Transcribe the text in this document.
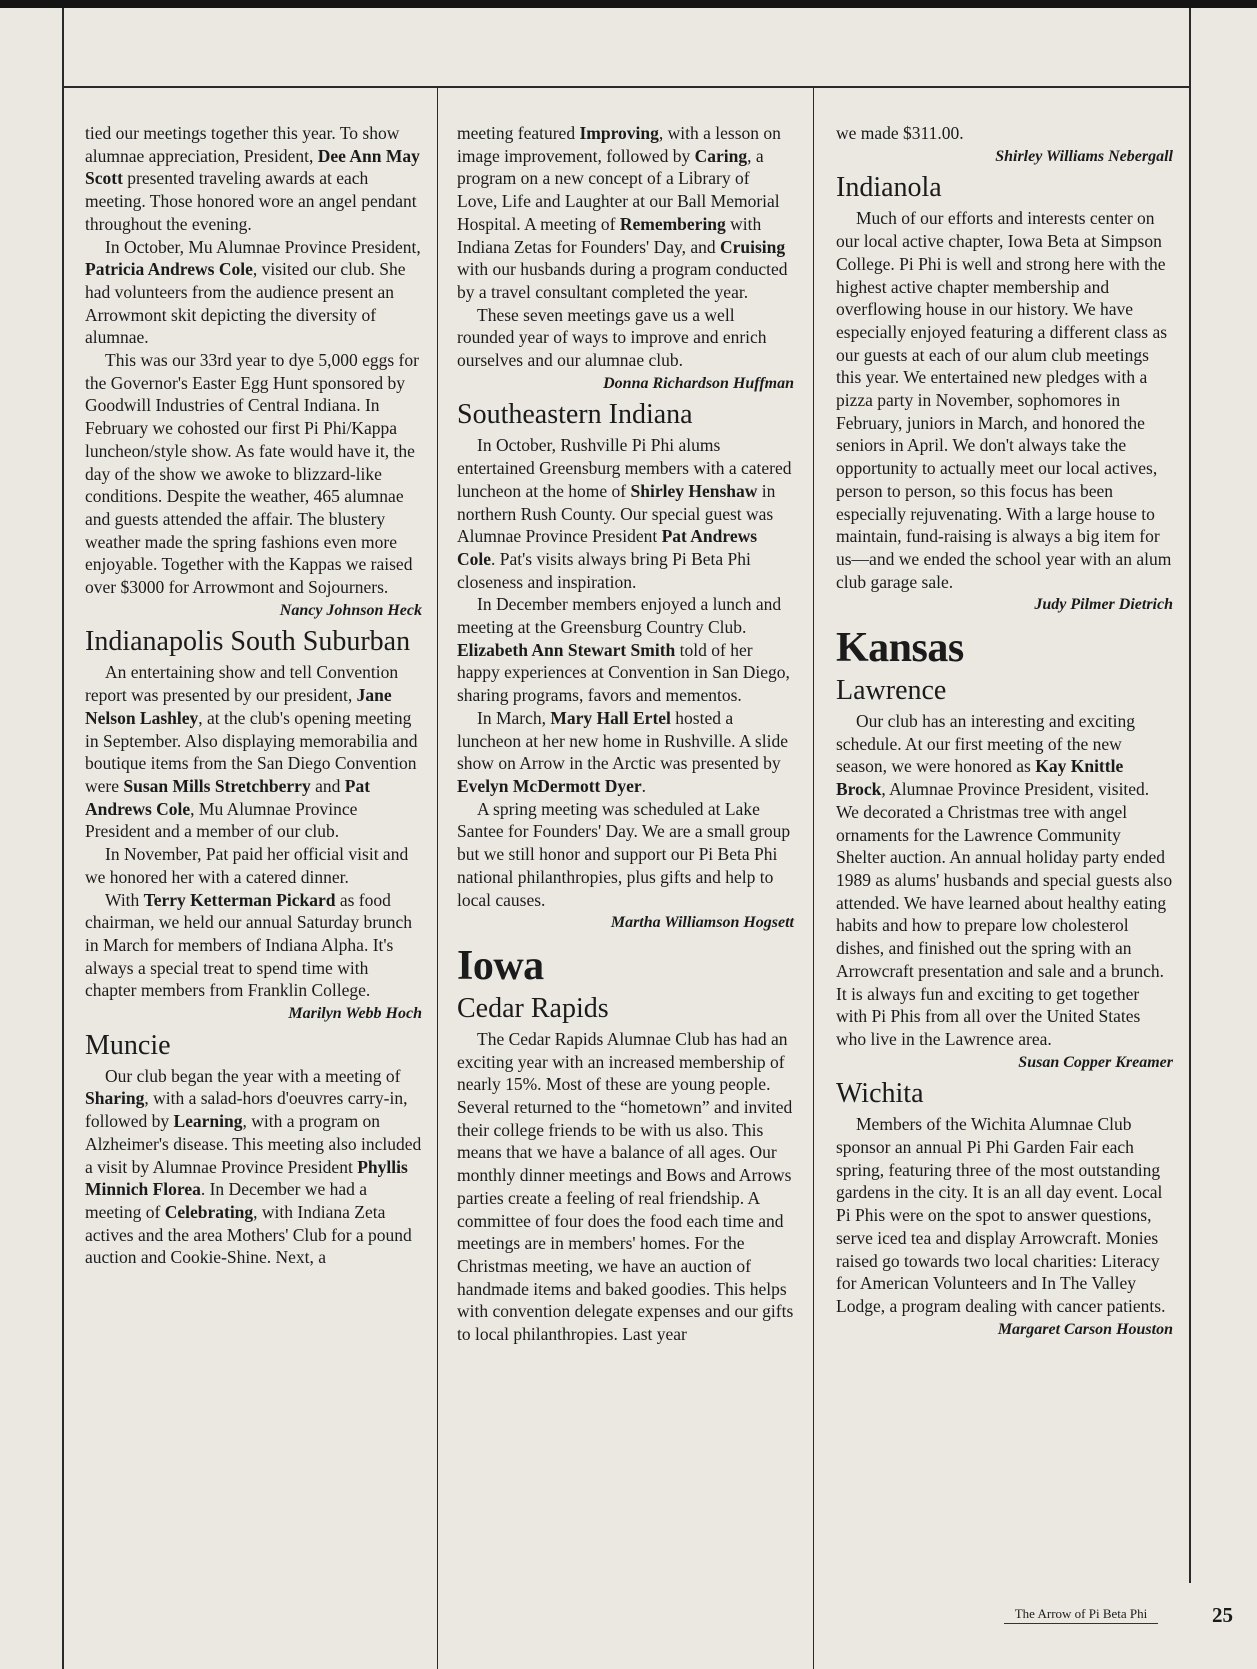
tied our meetings together this year. To show alumnae appreciation, President, Dee Ann May Scott presented traveling awards at each meeting. Those honored wore an angel pendant throughout the evening.

In October, Mu Alumnae Province President, Patricia Andrews Cole, visited our club. She had volunteers from the audience present an Arrowmont skit depicting the diversity of alumnae.

This was our 33rd year to dye 5,000 eggs for the Governor's Easter Egg Hunt sponsored by Goodwill Industries of Central Indiana. In February we cohosted our first Pi Phi/Kappa luncheon/style show. As fate would have it, the day of the show we awoke to blizzard-like conditions. Despite the weather, 465 alumnae and guests attended the affair. The blustery weather made the spring fashions even more enjoyable. Together with the Kappas we raised over $3000 for Arrowmont and Sojourners.

Nancy Johnson Heck
Indianapolis South Suburban

An entertaining show and tell Convention report was presented by our president, Jane Nelson Lashley, at the club's opening meeting in September. Also displaying memorabilia and boutique items from the San Diego Convention were Susan Mills Stretchberry and Pat Andrews Cole, Mu Alumnae Province President and a member of our club.

In November, Pat paid her official visit and we honored her with a catered dinner.

With Terry Ketterman Pickard as food chairman, we held our annual Saturday brunch in March for members of Indiana Alpha. It's always a special treat to spend time with chapter members from Franklin College.

Marilyn Webb Hoch
Muncie

Our club began the year with a meeting of Sharing, with a salad-hors d'oeuvres carry-in, followed by Learning, with a program on Alzheimer's disease. This meeting also included a visit by Alumnae Province President Phyllis Minnich Florea. In December we had a meeting of Celebrating, with Indiana Zeta actives and the area Mothers' Club for a pound auction and Cookie-Shine. Next, a

meeting featured Improving, with a lesson on image improvement, followed by Caring, a program on a new concept of a Library of Love, Life and Laughter at our Ball Memorial Hospital. A meeting of Remembering with Indiana Zetas for Founders' Day, and Cruising with our husbands during a program conducted by a travel consultant completed the year.

These seven meetings gave us a well rounded year of ways to improve and enrich ourselves and our alumnae club.

Donna Richardson Huffman
Southeastern Indiana

In October, Rushville Pi Phi alums entertained Greensburg members with a catered luncheon at the home of Shirley Henshaw in northern Rush County. Our special guest was Alumnae Province President Pat Andrews Cole. Pat's visits always bring Pi Beta Phi closeness and inspiration.

In December members enjoyed a lunch and meeting at the Greensburg Country Club. Elizabeth Ann Stewart Smith told of her happy experiences at Convention in San Diego, sharing programs, favors and mementos.

In March, Mary Hall Ertel hosted a luncheon at her new home in Rushville. A slide show on Arrow in the Arctic was presented by Evelyn McDermott Dyer.

A spring meeting was scheduled at Lake Santee for Founders' Day. We are a small group but we still honor and support our Pi Beta Phi national philanthropies, plus gifts and help to local causes.

Martha Williamson Hogsett
Iowa
Cedar Rapids

The Cedar Rapids Alumnae Club has had an exciting year with an increased membership of nearly 15%. Most of these are young people. Several returned to the “hometown” and invited their college friends to be with us also. This means that we have a balance of all ages. Our monthly dinner meetings and Bows and Arrows parties create a feeling of real friendship. A committee of four does the food each time and meetings are in members' homes. For the Christmas meeting, we have an auction of handmade items and baked goodies. This helps with convention delegate expenses and our gifts to local philanthropies. Last year

we made $311.00.

Shirley Williams Nebergall
Indianola

Much of our efforts and interests center on our local active chapter, Iowa Beta at Simpson College. Pi Phi is well and strong here with the highest active chapter membership and overflowing house in our history. We have especially enjoyed featuring a different class as our guests at each of our alum club meetings this year. We entertained new pledges with a pizza party in November, sophomores in February, juniors in March, and honored the seniors in April. We don't always take the opportunity to actually meet our local actives, person to person, so this focus has been especially rejuvenating. With a large house to maintain, fund-raising is always a big item for us—and we ended the school year with an alum club garage sale.

Judy Pilmer Dietrich
Kansas
Lawrence

Our club has an interesting and exciting schedule. At our first meeting of the new season, we were honored as Kay Knittle Brock, Alumnae Province President, visited. We decorated a Christmas tree with angel ornaments for the Lawrence Community Shelter auction. An annual holiday party ended 1989 as alums' husbands and special guests also attended. We have learned about healthy eating habits and how to prepare low cholesterol dishes, and finished out the spring with an Arrowcraft presentation and sale and a brunch. It is always fun and exciting to get together with Pi Phis from all over the United States who live in the Lawrence area.

Susan Copper Kreamer
Wichita

Members of the Wichita Alumnae Club sponsor an annual Pi Phi Garden Fair each spring, featuring three of the most outstanding gardens in the city. It is an all day event. Local Pi Phis were on the spot to answer questions, serve iced tea and display Arrowcraft. Monies raised go towards two local charities: Literacy for American Volunteers and In The Valley Lodge, a program dealing with cancer patients.

Margaret Carson Houston
The Arrow of Pi Beta Phi	25
